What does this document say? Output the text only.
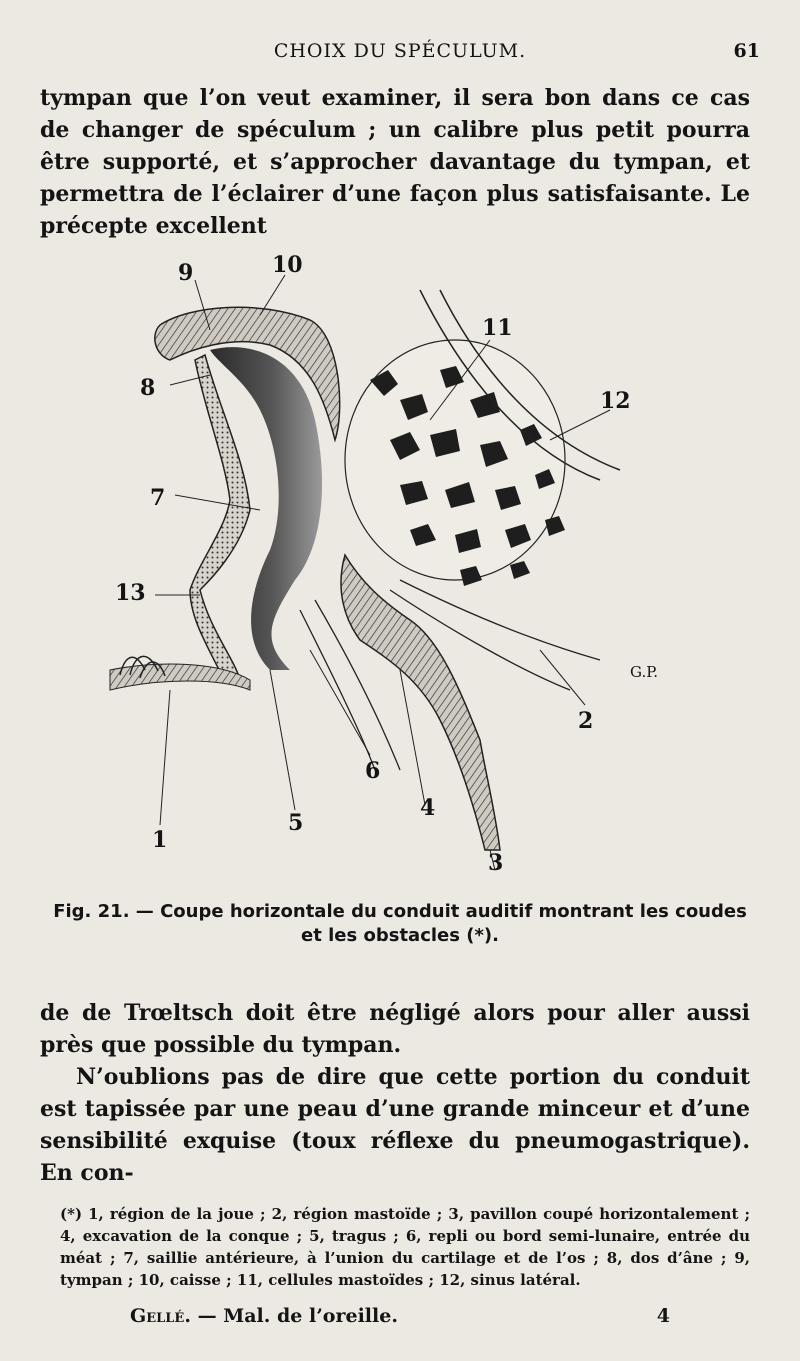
CHOIX DU SPÉCULUM.	61

tympan que l’on veut examiner, il sera bon dans ce cas de changer de spéculum ; un calibre plus petit pourra être supporté, et s’approcher davantage du tympan, et permettra de l’éclairer d’une façon plus satisfaisante. Le précepte excellent

9	10
11
12
8
7
13
1
5
6
4
3
2
G.P.
Fig. 21. — Coupe horizontale du conduit auditif montrant les coudes
et les obstacles (*).

de de Trœltsch doit être négligé alors pour aller aussi près que possible du tympan.

N’oublions pas de dire que cette portion du conduit est tapissée par une peau d’une grande minceur et d’une sensibilité exquise (toux réflexe du pneumogastrique). En con-

(*) 1, région de la joue ; 2, région mastoïde ; 3, pavillon coupé horizontalement ; 4, excavation de la conque ; 5, tragus ; 6, repli ou bord semi-lunaire, entrée du méat ; 7, saillie antérieure, à l’union du cartilage et de l’os ; 8, dos d’âne ; 9, tympan ; 10, caisse ; 11, cellules mastoïdes ; 12, sinus latéral.
Gellé. — Mal. de l’oreille.	4
